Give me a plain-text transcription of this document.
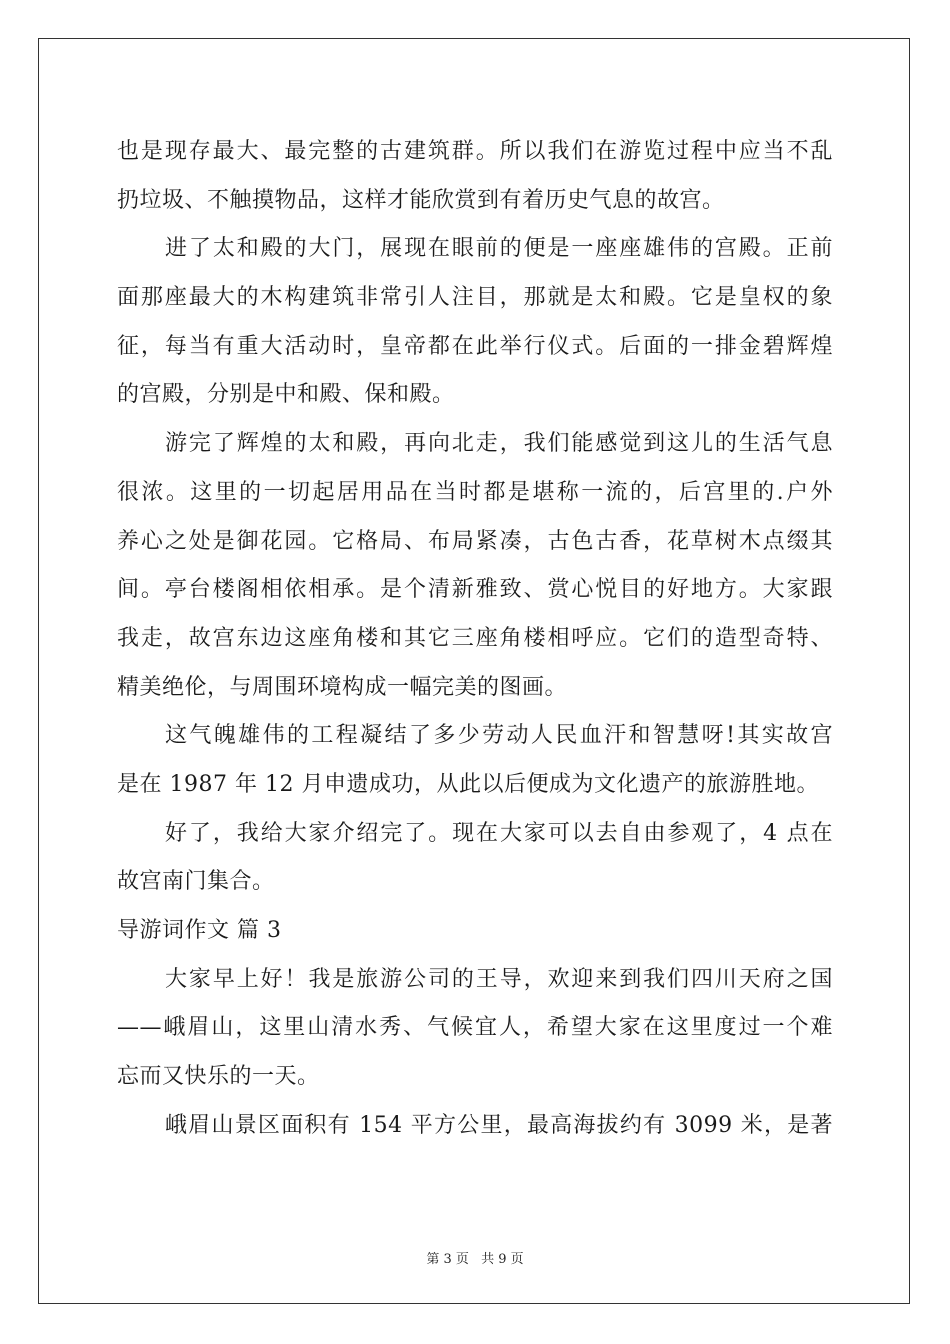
也是现存最大、最完整的古建筑群。所以我们在游览过程中应当不乱
扔垃圾、不触摸物品，这样才能欣赏到有着历史气息的故宫。
进了太和殿的大门，展现在眼前的便是一座座雄伟的宫殿。正前
面那座最大的木构建筑非常引人注目，那就是太和殿。它是皇权的象
征，每当有重大活动时，皇帝都在此举行仪式。后面的一排金碧辉煌
的宫殿，分别是中和殿、保和殿。
游完了辉煌的太和殿，再向北走，我们能感觉到这儿的生活气息
很浓。这里的一切起居用品在当时都是堪称一流的，后宫里的.户外
养心之处是御花园。它格局、布局紧凑，古色古香，花草树木点缀其
间。亭台楼阁相依相承。是个清新雅致、赏心悦目的好地方。大家跟
我走，故宫东边这座角楼和其它三座角楼相呼应。它们的造型奇特、
精美绝伦，与周围环境构成一幅完美的图画。
这气魄雄伟的工程凝结了多少劳动人民血汗和智慧呀!其实故宫
是在 1987 年 12 月申遗成功，从此以后便成为文化遗产的旅游胜地。
好了，我给大家介绍完了。现在大家可以去自由参观了，4 点在
故宫南门集合。
导游词作文 篇 3
大家早上好！我是旅游公司的王导，欢迎来到我们四川天府之国
——峨眉山，这里山清水秀、气候宜人，希望大家在这里度过一个难
忘而又快乐的一天。
峨眉山景区面积有 154 平方公里，最高海拔约有 3099 米，是著
第 3 页 共 9 页
